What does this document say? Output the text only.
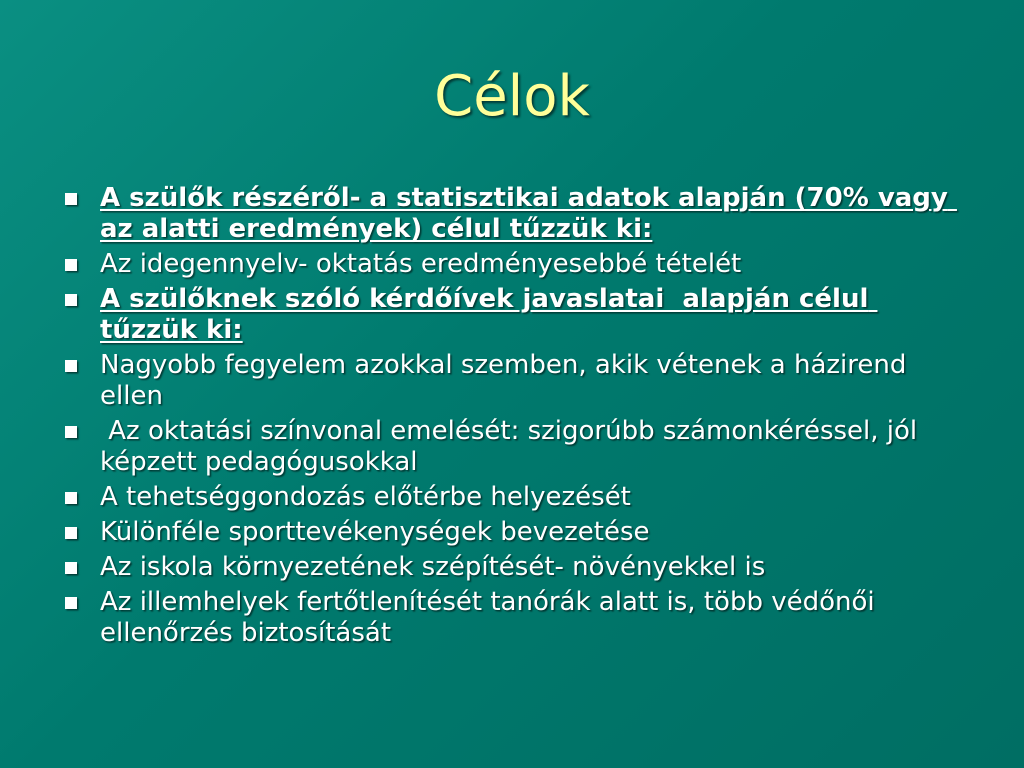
Célok
A szülők részéről- a statisztikai adatok alapján (70% vagy az alatti eredmények) célul tűzzük ki:
Az idegennyelv- oktatás eredményesebbé tételét
A szülőknek szóló kérdőívek javaslatai  alapján célul tűzzük ki:
Nagyobb fegyelem azokkal szemben, akik vétenek a házirend ellen
Az oktatási színvonal emelését: szigorúbb számonkéréssel, jól képzett pedagógusokkal
A tehetséggondozás előtérbe helyezését
Különféle sporttevékenységek bevezetése
Az iskola környezetének szépítését- növényekkel is
Az illemhelyek fertőtlenítését tanórák alatt is, több védőnői ellenőrzés biztosítását
